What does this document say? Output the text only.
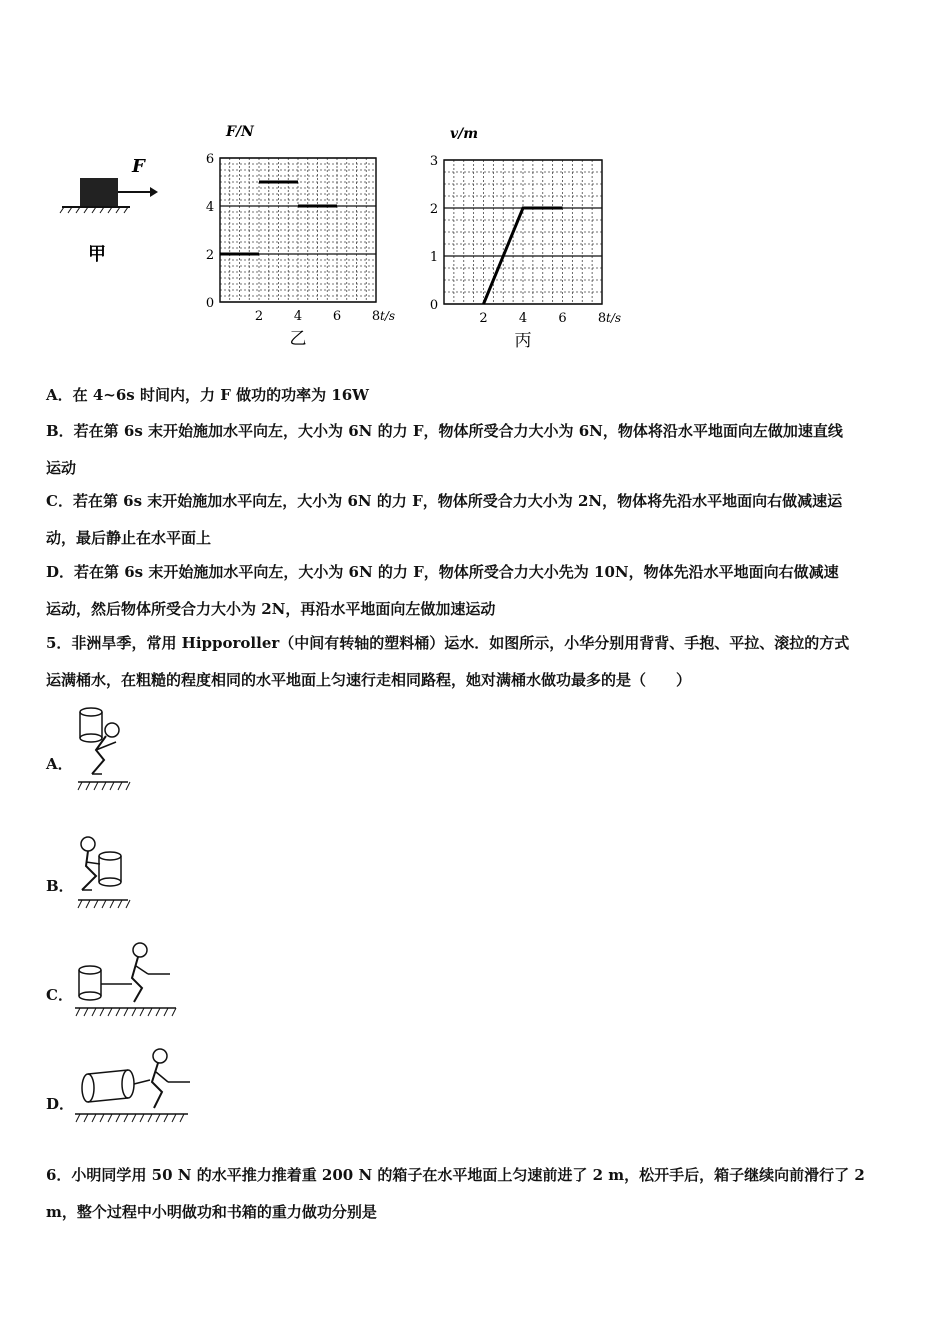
F
甲
2 4 6 8
0
2
4
6
F/N
t/s
乙
2 4 6 8
0
1
2
3
v/m
t/s
丙
A．在 4~6s 时间内，力 F 做功的功率为 16W
B．若在第 6s 末开始施加水平向左，大小为 6N 的力 F，物体所受合力大小为 6N，物体将沿水平地面向左做加速直线
运动
C．若在第 6s 末开始施加水平向左，大小为 6N 的力 F，物体所受合力大小为 2N，物体将先沿水平地面向右做减速运
动，最后静止在水平面上
D．若在第 6s 末开始施加水平向左，大小为 6N 的力 F，物体所受合力大小先为 10N，物体先沿水平地面向右做减速
运动，然后物体所受合力大小为 2N，再沿水平地面向左做加速运动
5．非洲旱季，常用 Hipporoller（中间有转轴的塑料桶）运水．如图所示，小华分别用背背、手抱、平拉、滚拉的方式
运满桶水，在粗糙的程度相同的水平地面上匀速行走相同路程，她对满桶水做功最多的是（　　）
A．
B．
C．
D．
6．小明同学用 50 N 的水平推力推着重 200 N 的箱子在水平地面上匀速前进了 2 m，松开手后，箱子继续向前滑行了 2
m，整个过程中小明做功和书箱的重力做功分别是
